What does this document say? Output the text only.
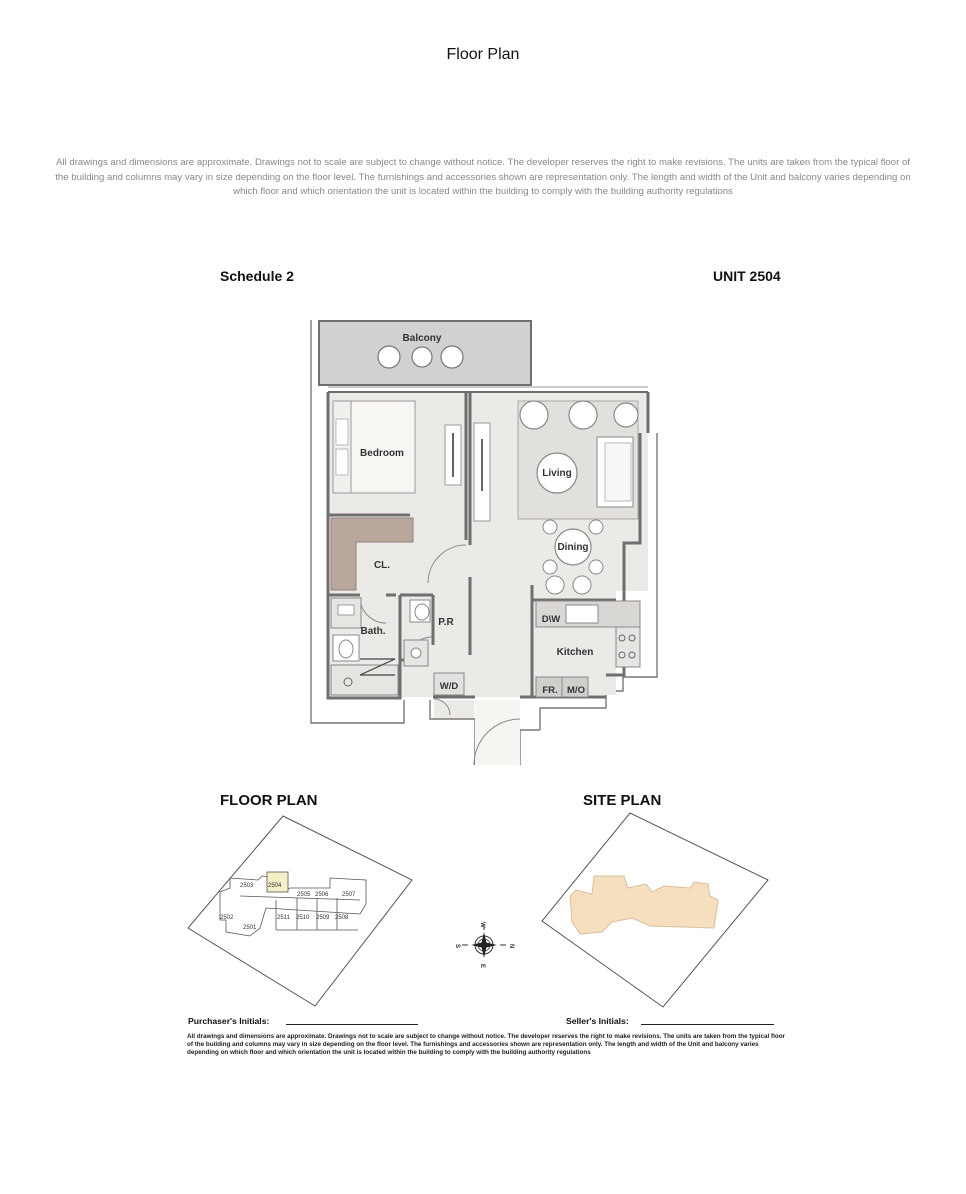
Floor Plan
All drawings and dimensions are approximate. Drawings not to scale are subject to change without notice. The developer reserves the right to make revisions. The units are taken from the typical floor of the building and columns may vary in size depending on the floor level. The furnishings and accessories shown are representation only. The length and width of the Unit and balcony varies depending on which floor and which orientation the unit is located within the building to comply with the building authority regulations
Schedule 2	UNIT 2504
Balcony
Bedroom
Living
Dining
CL.
Bath.
P.R	D\W
Kitchen
W/D	FR. M/O
FLOOR PLAN	SITE PLAN
2503 2504
2505 2506 2507
2502
2501
2511 2510 2509 2508
W
N
S
E
Purchaser's Initials:	Seller's Initials:
All drawings and dimensions are approximate. Drawings not to scale are subject to change without notice. The developer reserves the right to make revisions. The units are taken from the typical floor of the building and columns may vary in size depending on the floor level. The furnishings and accessories shown are representation only. The length and width of the Unit and balcony varies depending on which floor and which orientation the unit is located within the building to comply with the building authority regulations
